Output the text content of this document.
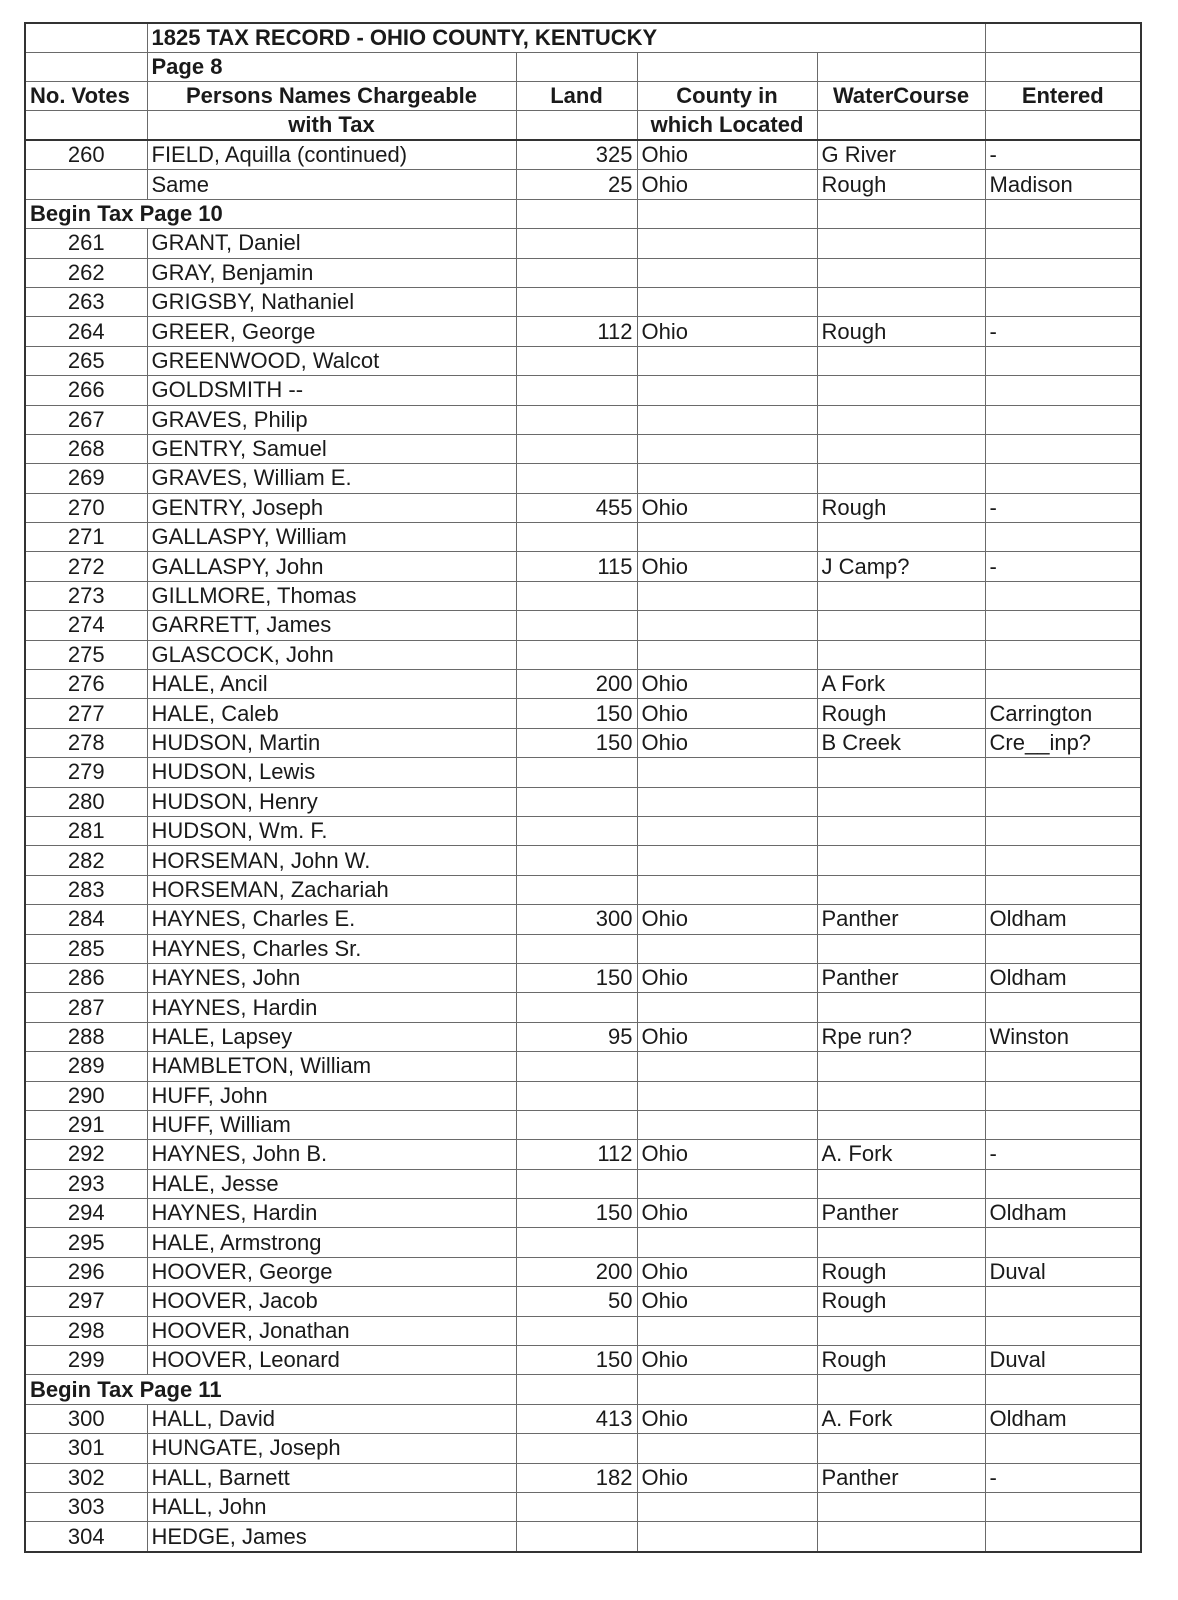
	1825 TAX RECORD - OHIO COUNTY, KENTUCKY				
	Page 8				
No. Votes	Persons Names Chargeable	Land	County in	WaterCourse	Entered
	with Tax		which Located		
260	FIELD, Aquilla (continued)	325	Ohio	G River	-
	Same	25	Ohio	Rough	Madison
Begin Tax Page 10					
261	GRANT, Daniel				
262	GRAY, Benjamin				
263	GRIGSBY, Nathaniel				
264	GREER, George	112	Ohio	Rough	-
265	GREENWOOD, Walcot				
266	GOLDSMITH --				
267	GRAVES, Philip				
268	GENTRY, Samuel				
269	GRAVES, William E.				
270	GENTRY, Joseph	455	Ohio	Rough	-
271	GALLASPY, William				
272	GALLASPY, John	115	Ohio	J Camp?	-
273	GILLMORE, Thomas				
274	GARRETT, James				
275	GLASCOCK, John				
276	HALE, Ancil	200	Ohio	A Fork	
277	HALE, Caleb	150	Ohio	Rough	Carrington
278	HUDSON, Martin	150	Ohio	B Creek	Cre__inp?
279	HUDSON, Lewis				
280	HUDSON, Henry				
281	HUDSON, Wm. F.				
282	HORSEMAN, John W.				
283	HORSEMAN, Zachariah				
284	HAYNES, Charles E.	300	Ohio	Panther	Oldham
285	HAYNES, Charles Sr.				
286	HAYNES, John	150	Ohio	Panther	Oldham
287	HAYNES, Hardin				
288	HALE, Lapsey	95	Ohio	Rpe run?	Winston
289	HAMBLETON, William				
290	HUFF, John				
291	HUFF, William				
292	HAYNES, John B.	112	Ohio	A. Fork	-
293	HALE, Jesse				
294	HAYNES, Hardin	150	Ohio	Panther	Oldham
295	HALE, Armstrong				
296	HOOVER, George	200	Ohio	Rough	Duval
297	HOOVER, Jacob	50	Ohio	Rough	
298	HOOVER, Jonathan				
299	HOOVER, Leonard	150	Ohio	Rough	Duval
Begin Tax Page 11					
300	HALL, David	413	Ohio	A. Fork	Oldham
301	HUNGATE, Joseph				
302	HALL, Barnett	182	Ohio	Panther	-
303	HALL, John				
304	HEDGE, James				
